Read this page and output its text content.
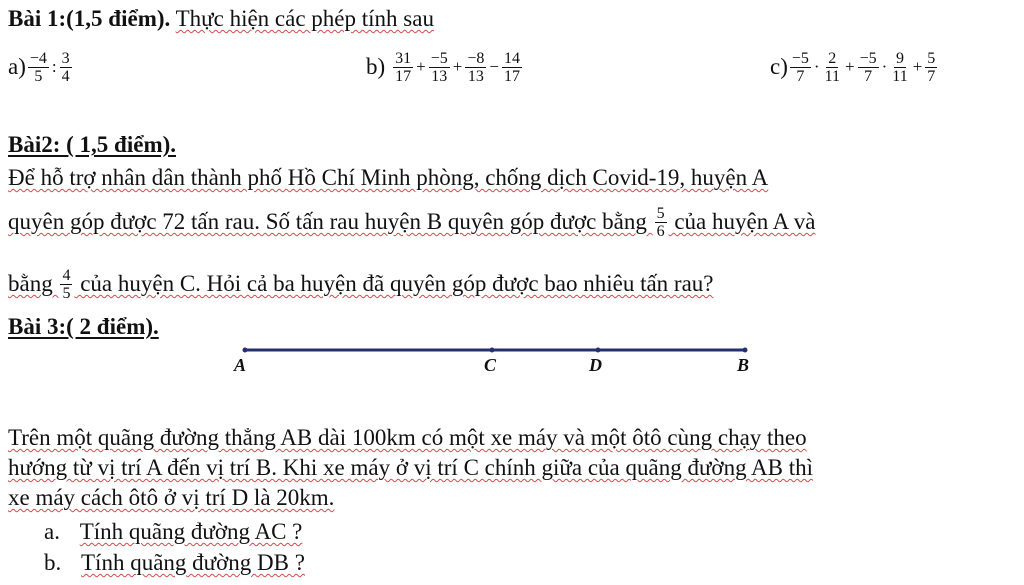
Bài 1:(1,5 điểm). Thực hiện các phép tính sau
$a) \frac{-4}{5}$ : $\frac{3}{4}$	$b) \frac{31}{17} + \frac{-5}{13} + \frac{-8}{13} - \frac{14}{17}$	$c) \frac{-5}{7} \cdot \frac{2}{11} + \frac{-5}{7} \cdot \frac{9}{11} + \frac{5}{7}$
Bài2: ( 1,5 điểm).
Để hỗ trợ nhân dân thành phố Hồ Chí Minh phòng, chống dịch Covid-19, huyện A
quyên góp được 72 tấn rau. Số tấn rau huyện B quyên góp được bằng $\frac{5}{6}$ của huyện A và
bằng $\frac{4}{5}$ của huyện C. Hỏi cả ba huyện đã quyên góp được bao nhiêu tấn rau?
Bài 3:( 2 điểm).
A	C	D	B
Trên một quãng đường thẳng AB dài 100km có một xe máy và một ôtô cùng chạy theo
hướng từ vị trí A đến vị trí B. Khi xe máy ở vị trí C chính giữa của quãng đường AB thì
xe máy cách ôtô ở vị trí D là 20km.
a. Tính quãng đường AC ?
b. Tính quãng đường DB ?
